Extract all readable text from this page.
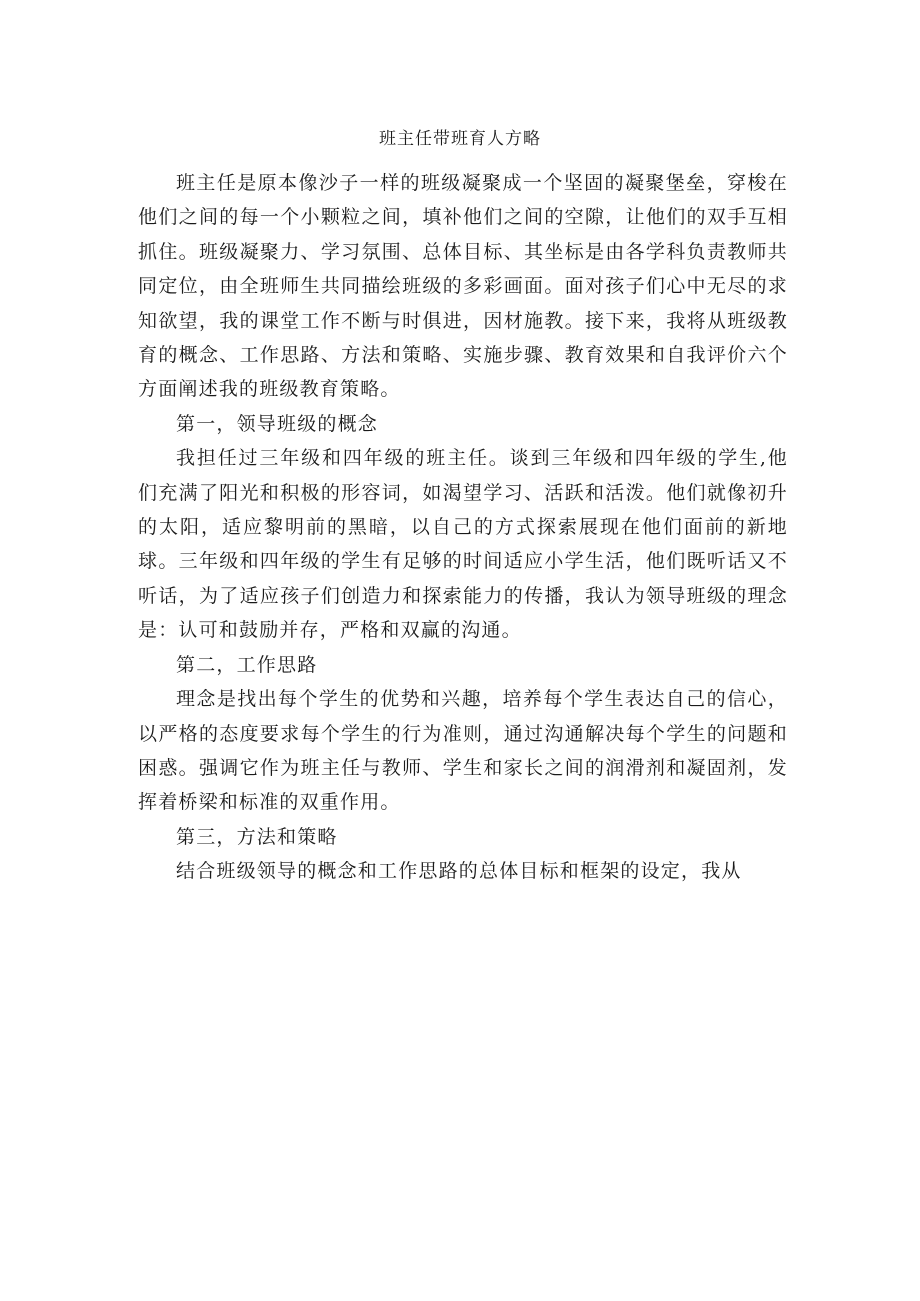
班主任带班育人方略

班主任是原本像沙子一样的班级凝聚成一个坚固的凝聚堡垒，穿梭在他们之间的每一个小颗粒之间，填补他们之间的空隙，让他们的双手互相抓住。班级凝聚力、学习氛围、总体目标、其坐标是由各学科负责教师共同定位，由全班师生共同描绘班级的多彩画面。面对孩子们心中无尽的求知欲望，我的课堂工作不断与时俱进，因材施教。接下来，我将从班级教育的概念、工作思路、方法和策略、实施步骤、教育效果和自我评价六个方面阐述我的班级教育策略。

第一，领导班级的概念

我担任过三年级和四年级的班主任。谈到三年级和四年级的学生,他们充满了阳光和积极的形容词，如渴望学习、活跃和活泼。他们就像初升的太阳，适应黎明前的黑暗，以自己的方式探索展现在他们面前的新地球。三年级和四年级的学生有足够的时间适应小学生活，他们既听话又不听话，为了适应孩子们创造力和探索能力的传播，我认为领导班级的理念是：认可和鼓励并存，严格和双赢的沟通。

第二，工作思路

理念是找出每个学生的优势和兴趣，培养每个学生表达自己的信心，以严格的态度要求每个学生的行为准则，通过沟通解决每个学生的问题和困惑。强调它作为班主任与教师、学生和家长之间的润滑剂和凝固剂，发挥着桥梁和标准的双重作用。

第三，方法和策略

结合班级领导的概念和工作思路的总体目标和框架的设定，我从
